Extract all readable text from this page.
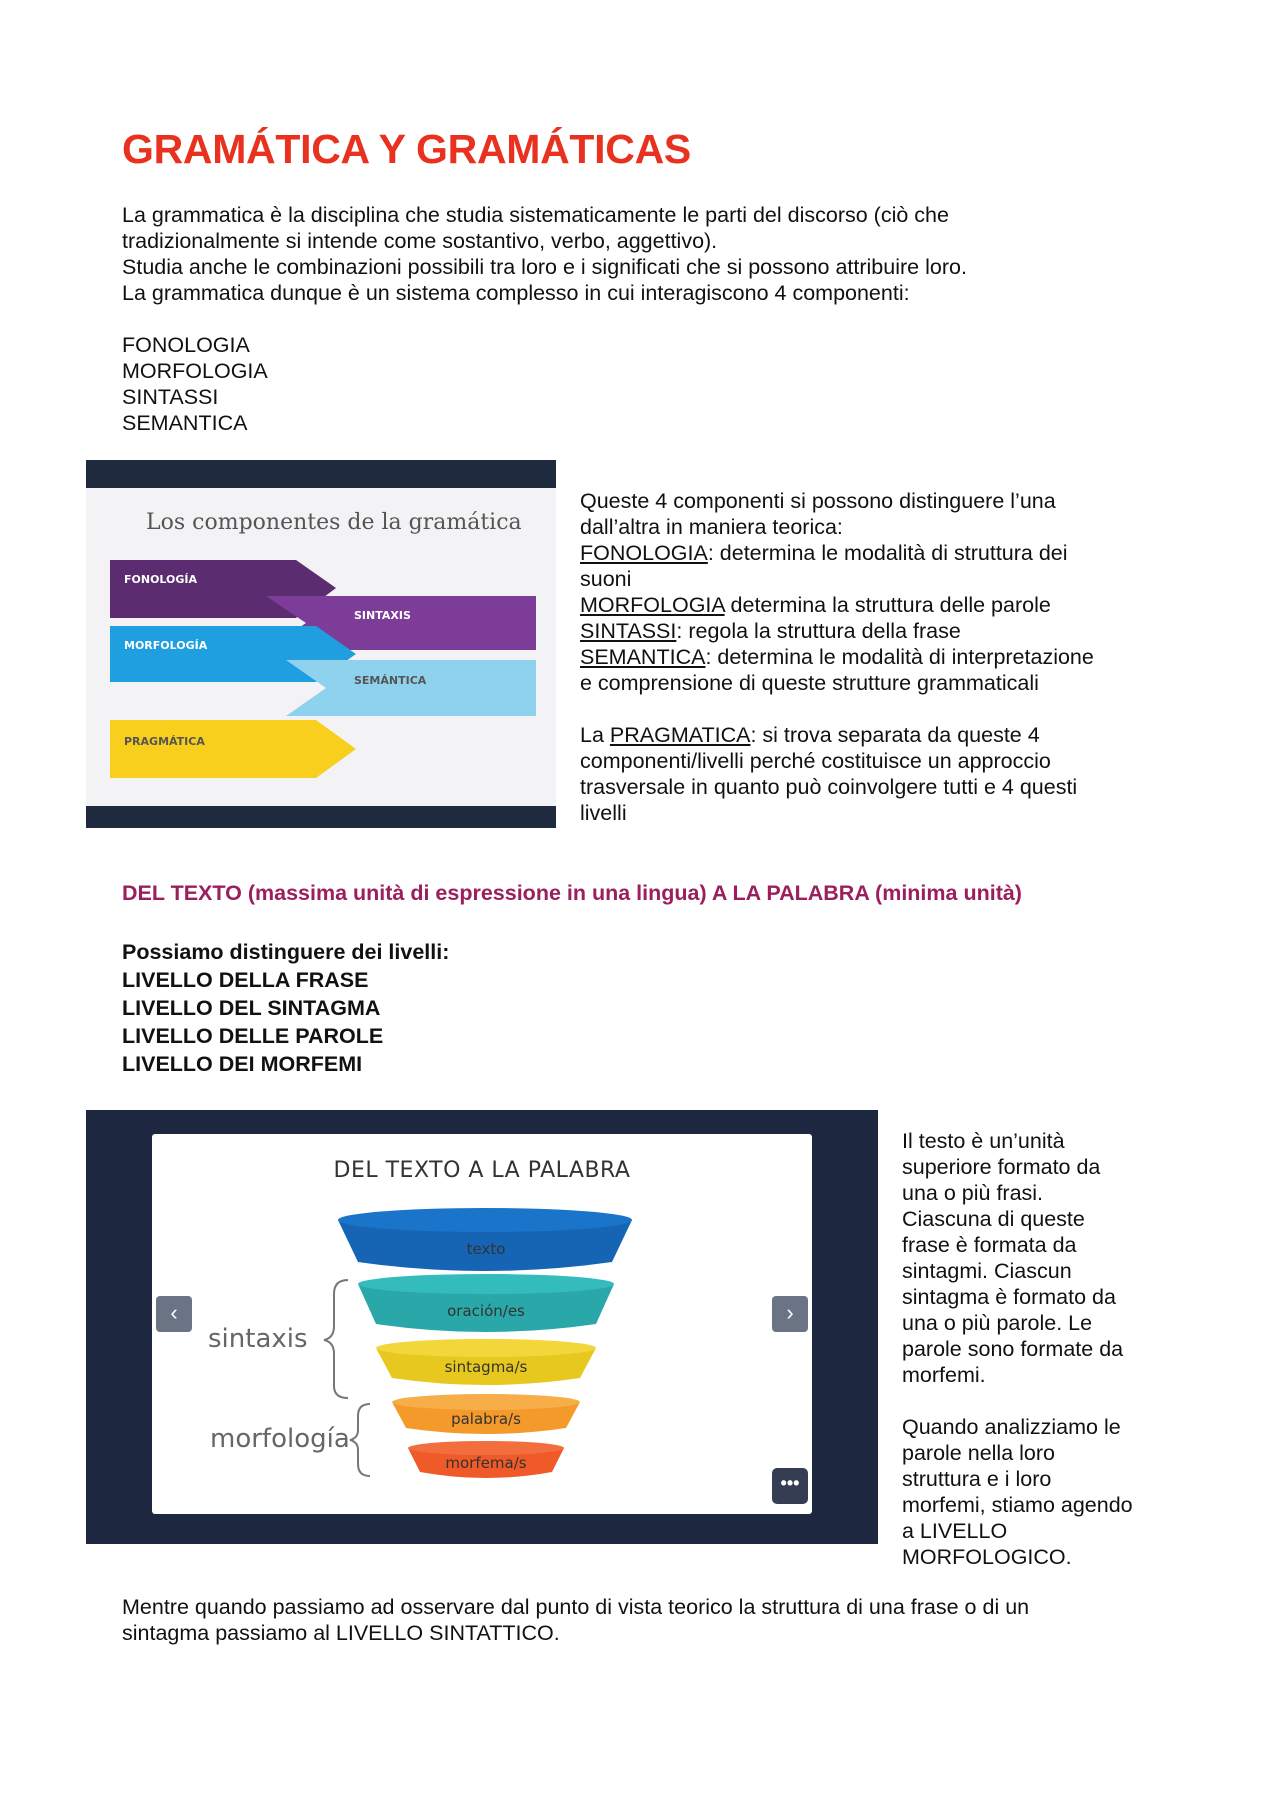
GRAMÁTICA Y GRAMÁTICAS
La grammatica è la disciplina che studia sistematicamente le parti del discorso (ciò che
tradizionalmente si intende come sostantivo, verbo, aggettivo).
Studia anche le combinazioni possibili tra loro e i significati che si possono attribuire loro.
La grammatica dunque è un sistema complesso in cui interagiscono 4 componenti:
FONOLOGIA
MORFOLOGIA
SINTASSI
SEMANTICA
Los componentes de la gramática
FONOLOGÍA
SINTAXIS
MORFOLOGÍA
SEMÁNTICA
PRAGMÁTICA
Queste 4 componenti si possono distinguere l’una
dall’altra in maniera teorica:
FONOLOGIA: determina le modalità di struttura dei
suoni
MORFOLOGIA determina la struttura delle parole
SINTASSI: regola la struttura della frase
SEMANTICA: determina le modalità di interpretazione
e comprensione di queste strutture grammaticali
La PRAGMATICA: si trova separata da queste 4
componenti/livelli perché costituisce un approccio
trasversale in quanto può coinvolgere tutti e 4 questi
livelli
DEL TEXTO (massima unità di espressione in una lingua) A LA PALABRA (minima unità)
Possiamo distinguere dei livelli:
LIVELLO DELLA FRASE
LIVELLO DEL SINTAGMA
LIVELLO DELLE PAROLE
LIVELLO DEI MORFEMI
DEL TEXTO A LA PALABRA
texto
oración/es
sintagma/s
palabra/s
morfema/s
sintaxis
morfología
‹	›
•••
Il testo è un’unità
superiore formato da
una o più frasi.
Ciascuna di queste
frase è formata da
sintagmi. Ciascun
sintagma è formato da
una o più parole. Le
parole sono formate da
morfemi.
Quando analizziamo le
parole nella loro
struttura e i loro
morfemi, stiamo agendo
a LIVELLO
MORFOLOGICO.
Mentre quando passiamo ad osservare dal punto di vista teorico la struttura di una frase o di un
sintagma passiamo al LIVELLO SINTATTICO.
